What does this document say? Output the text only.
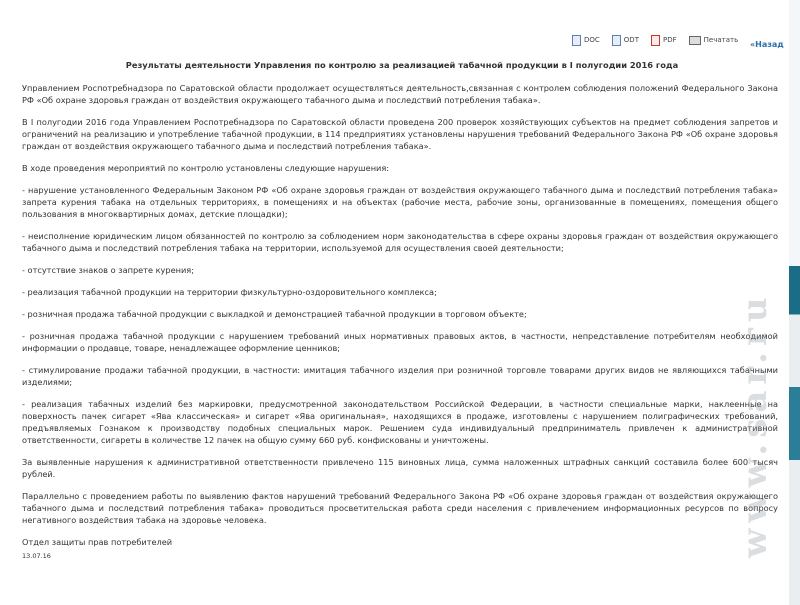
DOC	ODT	PDF	Печатать «Назад
Результаты деятельности Управления по контролю за реализацией табачной продукции в I полугодии 2016 года

Управлением Роспотребнадзора по Саратовской области продолжает осуществляться деятельность,связанная с контролем соблюдения положений Федерального Закона РФ «Об охране здоровья граждан от воздействия окружающего табачного дыма и последствий потребления табака».

В I полугодии 2016 года Управлением Роспотребнадзора по Саратовской области проведена 200 проверок хозяйствующих субъектов на предмет соблюдения запретов и ограничений на реализацию и употребление табачной продукции, в 114 предприятиях установлены нарушения требований Федерального Закона РФ «Об охране здоровья граждан от воздействия окружающего табачного дыма и последствий потребления табака».

В ходе проведения мероприятий по контролю установлены следующие нарушения:

- нарушение установленного Федеральным Законом РФ «Об охране здоровья граждан от воздействия окружающего табачного дыма и последствий потребления табака» запрета курения табака на отдельных территориях, в помещениях и на объектах (рабочие места, рабочие зоны, организованные в помещениях, помещения общего пользования в многоквартирных домах, детские площадки);

- неисполнение юридическим лицом обязанностей по контролю за соблюдением норм законодательства в сфере охраны здоровья граждан от воздействия окружающего табачного дыма и последствий потребления табака на территории, используемой для осуществления своей деятельности;

- отсутствие знаков о запрете курения;

- реализация табачной продукции на территории физкультурно-оздоровительного комплекса;

- розничная продажа табачной продукции с выкладкой и демонстрацией табачной продукции в торговом объекте;

- розничная продажа табачной продукции с нарушением требований иных нормативных правовых актов, в частности, непредставление потребителям необходимой информации о продавце, товаре, ненадлежащее оформление ценников;

- стимулирование продажи табачной продукции, в частности: имитация табачного изделия при розничной торговле товарами других видов не являющихся табачными изделиями;

- реализация табачных изделий без маркировки, предусмотренной законодательством Российской Федерации, в частности специальные марки, наклеенные на поверхность пачек сигарет «Ява классическая» и сигарет «Ява оригинальная», находящихся в продаже, изготовлены с нарушением полиграфических требований, предъявляемых Гознаком к производству подобных специальных марок. Решением суда индивидуальный предприниматель привлечен к административной ответственности, сигареты в количестве 12 пачек на общую сумму 660 руб. конфискованы и уничтожены.

За выявленные нарушения к административной ответственности привлечено 115 виновных лица, сумма наложенных штрафных санкций составила более 600 тысяч рублей.

Параллельно с проведением работы по выявлению фактов нарушений требований Федерального Закона РФ «Об охране здоровья граждан от воздействия окружающего табачного дыма и последствий потребления табака» проводиться просветительская работа среди населения с привлечением информационных ресурсов по вопросу негативного воздействия табака на здоровье человека.

Отдел защиты прав потребителей

13.07.16	www.sar.ru
